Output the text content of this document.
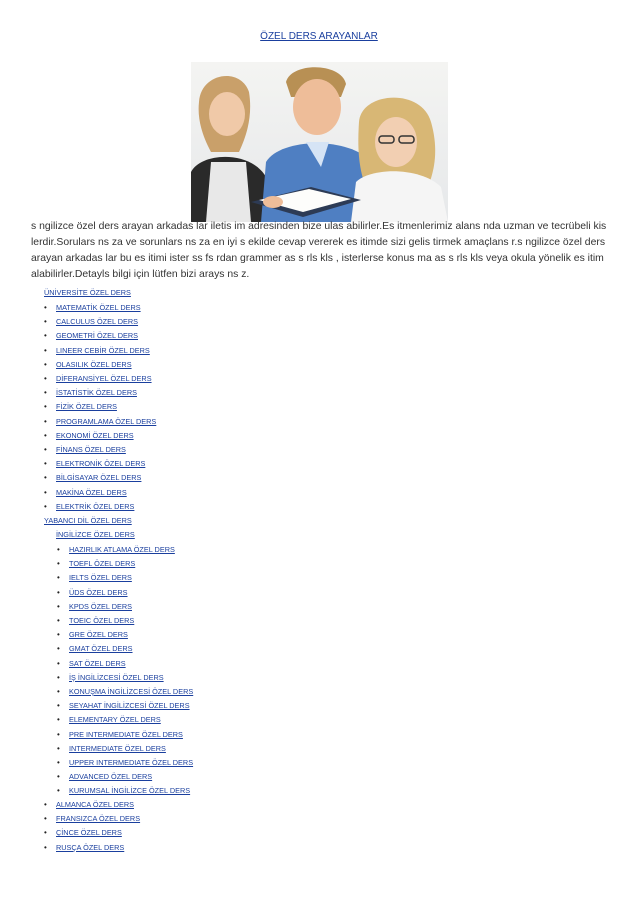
ÖZEL DERS ARAYANLAR

s ngilizce özel ders arayan arkadas lar iletis im adresinden bize ulas abilirler.Es itmenlerimiz alans nda uzman ve tecrübeli kis lerdir.Sorulars ns za ve sorunlars ns za en iyi s ekilde cevap vererek es itimde sizi gelis tirmek amaçlans r.s ngilizce özel ders arayan arkadas lar bu es itimi ister ss fs rdan grammer as s rls kls , isterlerse konus ma as s rls kls veya okula yönelik es itim alabilirler.Detayls bilgi için lütfen bizi arays ns z.

ÜNİVERSİTE ÖZEL DERS
• MATEMATİK ÖZEL DERS
• CALCULUS ÖZEL DERS
• GEOMETRİ ÖZEL DERS
• LINEER CEBİR ÖZEL DERS
• OLASILIK ÖZEL DERS
• DİFERANSİYEL ÖZEL DERS
• İSTATİSTİK ÖZEL DERS
• FİZİK ÖZEL DERS
• PROGRAMLAMA ÖZEL DERS
• EKONOMİ ÖZEL DERS
• FİNANS ÖZEL DERS
• ELEKTRONİK ÖZEL DERS
• BİLGİSAYAR ÖZEL DERS
• MAKİNA ÖZEL DERS
• ELEKTRİK ÖZEL DERS
YABANCI DİL ÖZEL DERS
İNGİLİZCE ÖZEL DERS
• HAZIRLIK ATLAMA ÖZEL DERS
• TOEFL ÖZEL DERS
• IELTS ÖZEL DERS
• ÜDS ÖZEL DERS
• KPDS ÖZEL DERS
• TOEIC ÖZEL DERS
• GRE ÖZEL DERS
• GMAT ÖZEL DERS
• SAT ÖZEL DERS
• İŞ İNGİLİZCESİ ÖZEL DERS
• KONUŞMA İNGİLİZCESİ ÖZEL DERS
• SEYAHAT İNGİLİZCESİ ÖZEL DERS
• ELEMENTARY ÖZEL DERS
• PRE INTERMEDIATE ÖZEL DERS
• INTERMEDIATE ÖZEL DERS
• UPPER INTERMEDIATE ÖZEL DERS
• ADVANCED ÖZEL DERS
• KURUMSAL İNGİLİZCE ÖZEL DERS
• ALMANCA ÖZEL DERS
• FRANSIZCA ÖZEL DERS
• ÇİNCE ÖZEL DERS
• RUSÇA ÖZEL DERS
